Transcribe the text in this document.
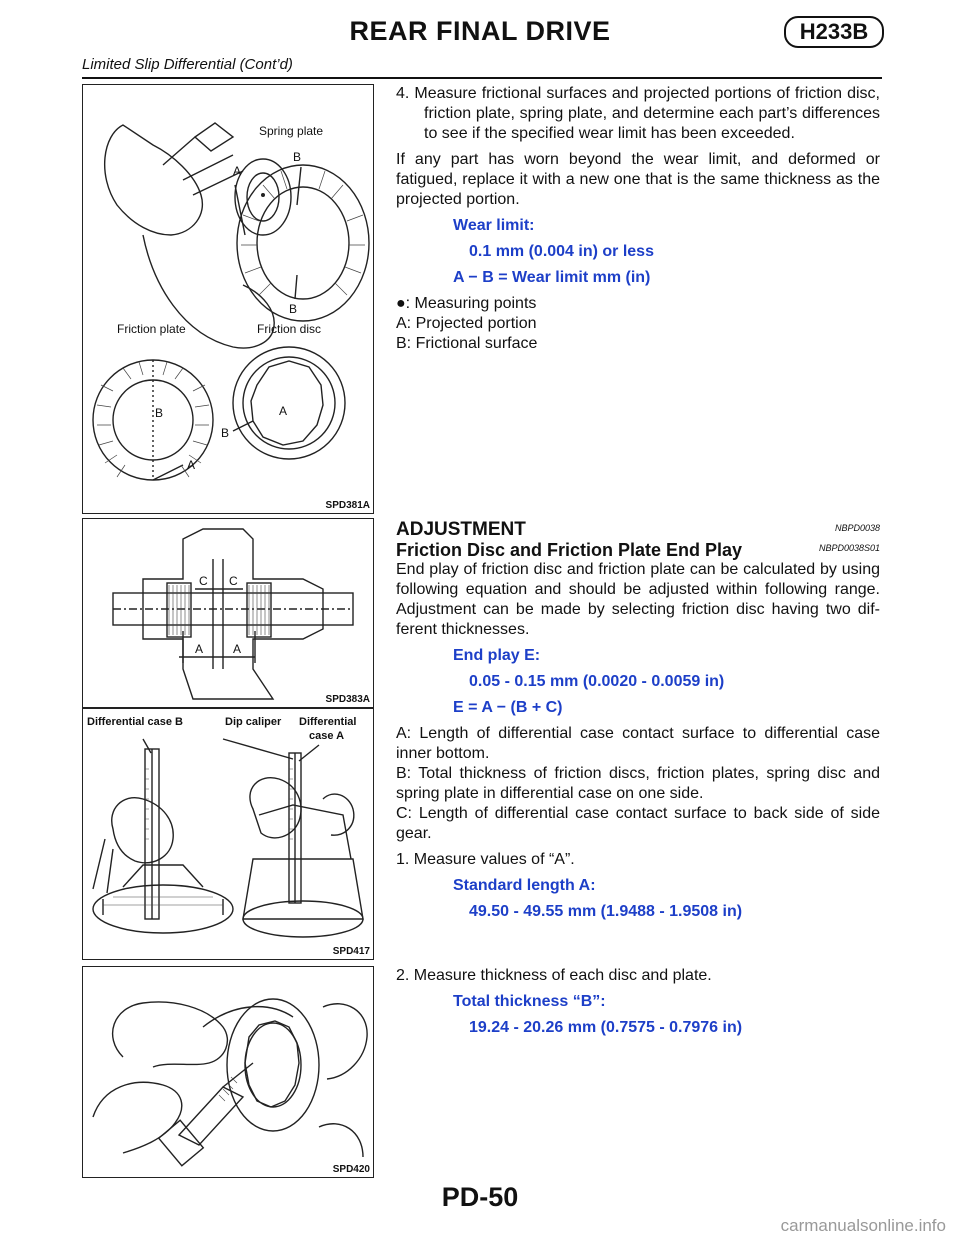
REAR FINAL DRIVE	H233B
Limited Slip Differential (Cont’d)
Spring plate
A
B
B
Friction plate	Friction disc
B
A
B
A
SPD381A
C C
A A
SPD383A
Differential case B	Dip caliper Differential
case A
SPD417
SPD420

4. Measure frictional surfaces and projected portions of friction disc, friction plate, spring plate, and determine each part’s differences to see if the specified wear limit has been exceeded.

If any part has worn beyond the wear limit, and deformed or fatigued, replace it with a new one that is the same thickness as the projected portion.

Wear limit:

0.1 mm (0.004 in) or less

A − B = Wear limit mm (in)

●: Measuring points

A: Projected portion

B: Frictional surface

ADJUSTMENT	NBPD0038

Friction Disc and Friction Plate End Play	NBPD0038S01

End play of friction disc and friction plate can be calculated by using following equation and should be adjusted within following range. Adjustment can be made by selecting friction disc having two different thicknesses.

End play E:

0.05 - 0.15 mm (0.0020 - 0.0059 in)

E = A − (B + C)

A: Length of differential case contact surface to differential case inner bottom.

B: Total thickness of friction discs, friction plates, spring disc and spring plate in differential case on one side.

C: Length of differential case contact surface to back side of side gear.

1. Measure values of “A”.

Standard length A:

49.50 - 49.55 mm (1.9488 - 1.9508 in)

2. Measure thickness of each disc and plate.

Total thickness “B”:

19.24 - 20.26 mm (0.7575 - 0.7976 in)

PD-50
carmanualsonline.info
